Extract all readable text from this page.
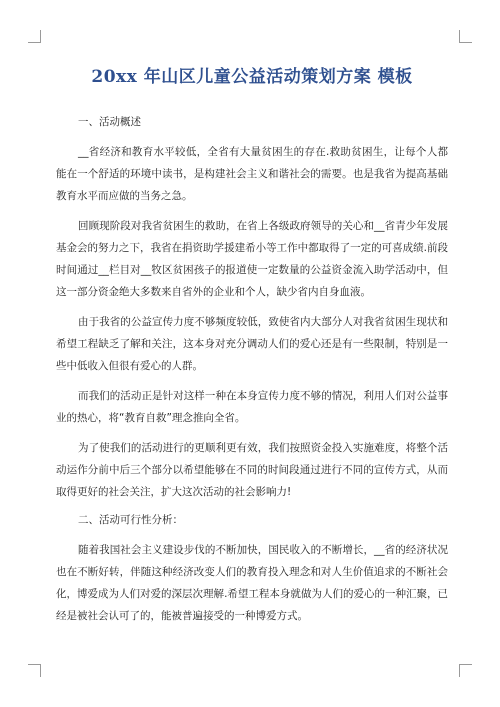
20xx 年山区儿童公益活动策划方案 模板
一、活动概述

__省经济和教育水平较低，全省有大量贫困生的存在.救助贫困生，让每个人都能在一个舒适的环境中读书，是构建社会主义和谐社会的需要。也是我省为提高基础教育水平而应做的当务之急。

回顾现阶段对我省贫困生的救助，在省上各级政府领导的关心和__省青少年发展基金会的努力之下，我省在捐资助学援建希小等工作中都取得了一定的可喜成绩.前段时间通过__栏目对__牧区贫困孩子的报道使一定数量的公益资金流入助学活动中，但这一部分资金绝大多数来自省外的企业和个人，缺少省内自身血液。

由于我省的公益宣传力度不够频度较低，致使省内大部分人对我省贫困生现状和希望工程缺乏了解和关注，这本身对充分调动人们的爱心还是有一些限制，特别是一些中低收入但很有爱心的人群。

而我们的活动正是针对这样一种在本身宣传力度不够的情况，利用人们对公益事业的热心，将“教育自救”理念推向全省。

为了使我们的活动进行的更顺利更有效，我们按照资金投入实施难度，将整个活动运作分前中后三个部分以希望能够在不同的时间段通过进行不同的宣传方式，从而取得更好的社会关注，扩大这次活动的社会影响力!

二、活动可行性分析：

随着我国社会主义建设步伐的不断加快，国民收入的不断增长，__省的经济状况也在不断好转，伴随这种经济改变人们的教育投入理念和对人生价值追求的不断社会化，博爱成为人们对爱的深层次理解.希望工程本身就做为人们的爱心的一种汇聚，已经是被社会认可了的，能被普遍接受的一种博爱方式。
